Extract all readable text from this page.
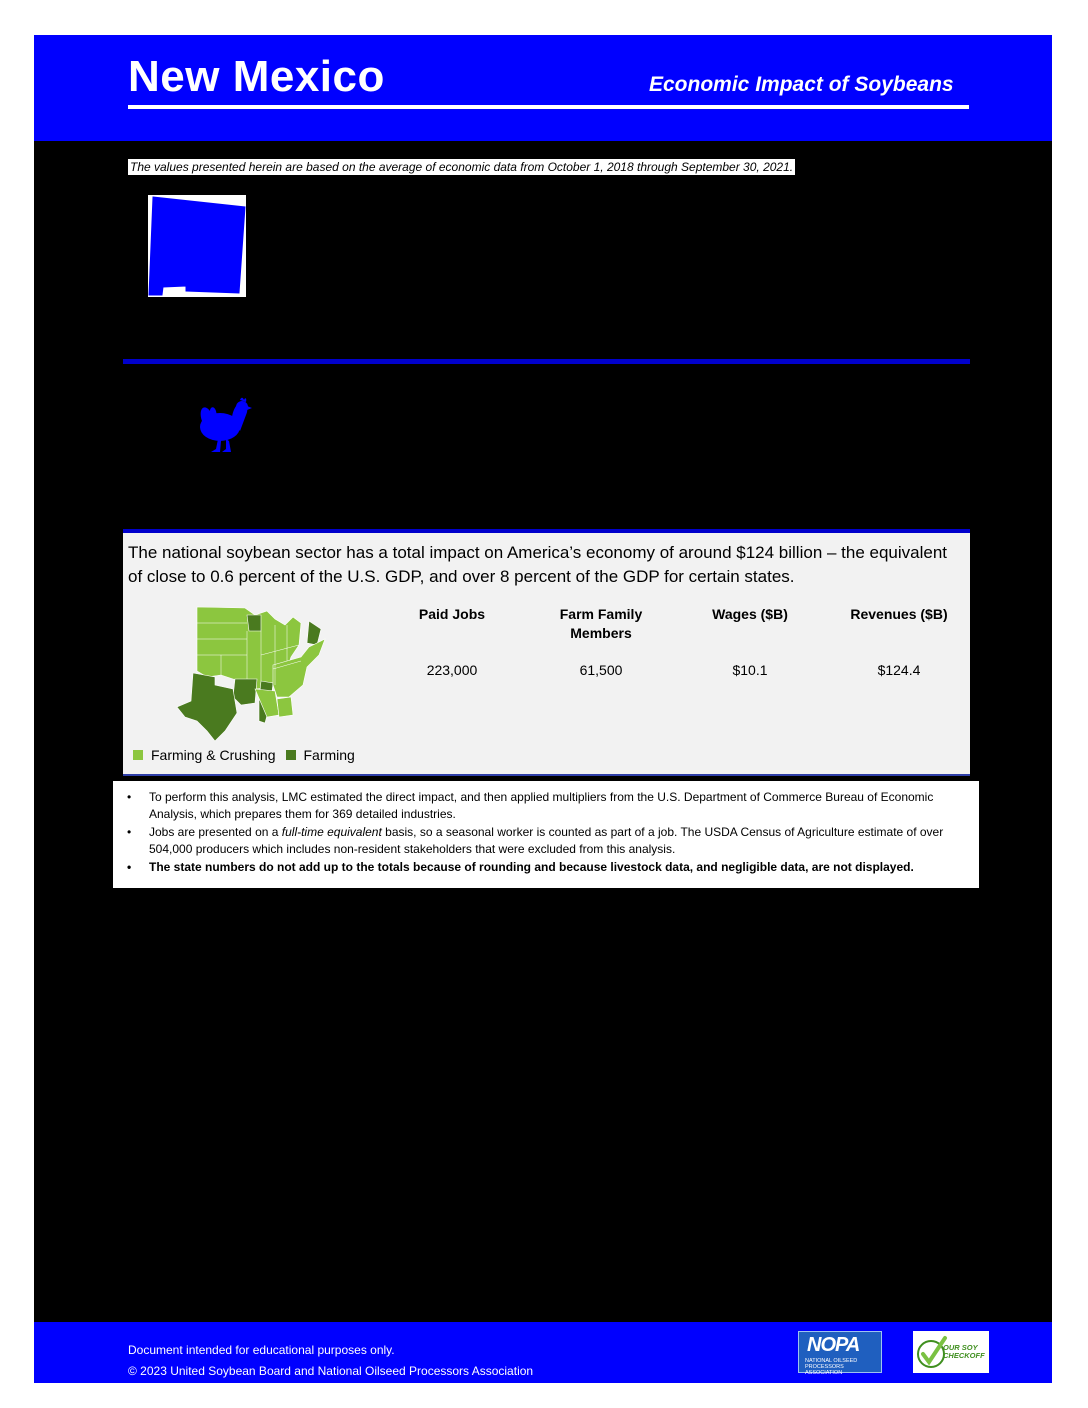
New Mexico	Economic Impact of Soybeans
The values presented herein are based on the average of economic data from October 1, 2018 through September 30, 2021.
The national soybean sector has a total impact on America’s economy of around $124 billion – the equivalent of close to 0.6 percent of the U.S. GDP, and over 8 percent of the GDP for certain states.
Paid Jobs
223,000
Farm Family Members
61,500
Wages ($B)
$10.1
Revenues ($B)
$124.4
Farming & Crushing Farming
• To perform this analysis, LMC estimated the direct impact, and then applied multipliers from the U.S. Department of Commerce Bureau of Economic Analysis, which prepares them for 369 detailed industries.
• Jobs are presented on a full-time equivalent basis, so a seasonal worker is counted as part of a job. The USDA Census of Agriculture estimate of over 504,000 producers which includes non-resident stakeholders that were excluded from this analysis.
• The state numbers do not add up to the totals because of rounding and because livestock data, and negligible data, are not displayed.
Document intended for educational purposes only.
© 2023 United Soybean Board and National Oilseed Processors Association
NOPA
NATIONAL OILSEED PROCESSORS ASSOCIATION
OUR SOY
CHECKOFF
